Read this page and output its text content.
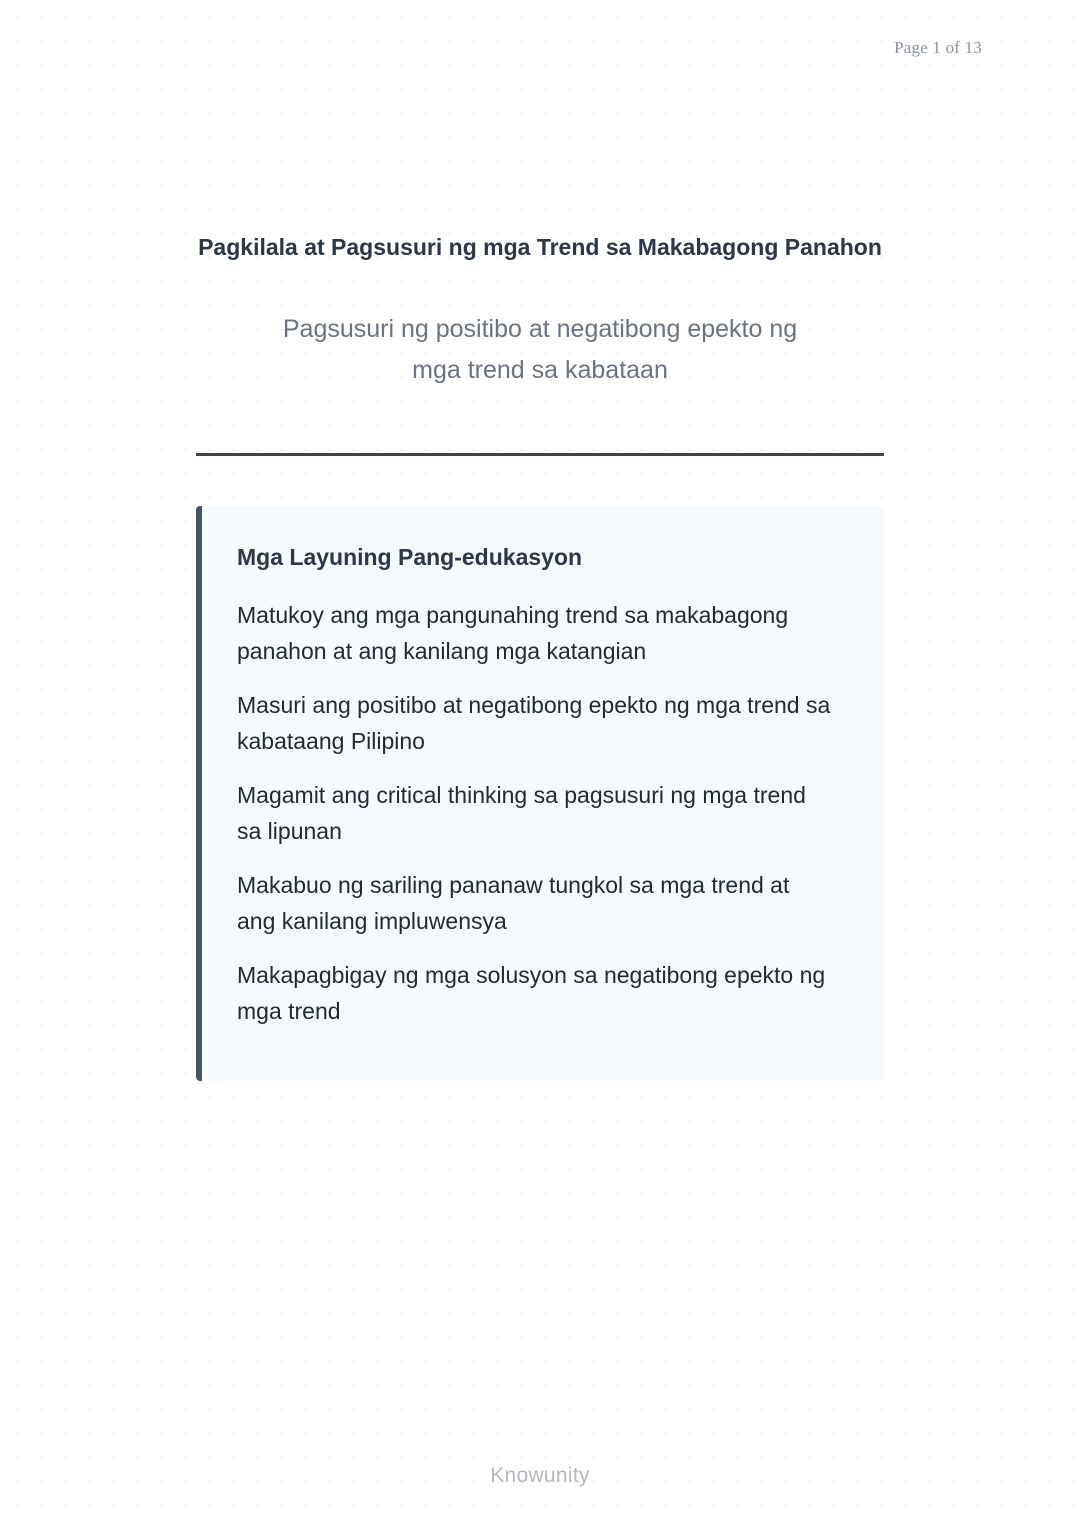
Page 1 of 13
Pagkilala at Pagsusuri ng mga Trend sa Makabagong Panahon

Pagsusuri ng positibo at negatibong epekto ng
mga trend sa kabataan

Mga Layuning Pang-edukasyon
Matukoy ang mga pangunahing trend sa makabagong
panahon at ang kanilang mga katangian
Masuri ang positibo at negatibong epekto ng mga trend sa
kabataang Pilipino
Magamit ang critical thinking sa pagsusuri ng mga trend
sa lipunan
Makabuo ng sariling pananaw tungkol sa mga trend at
ang kanilang impluwensya
Makapagbigay ng mga solusyon sa negatibong epekto ng
mga trend
Knowunity
